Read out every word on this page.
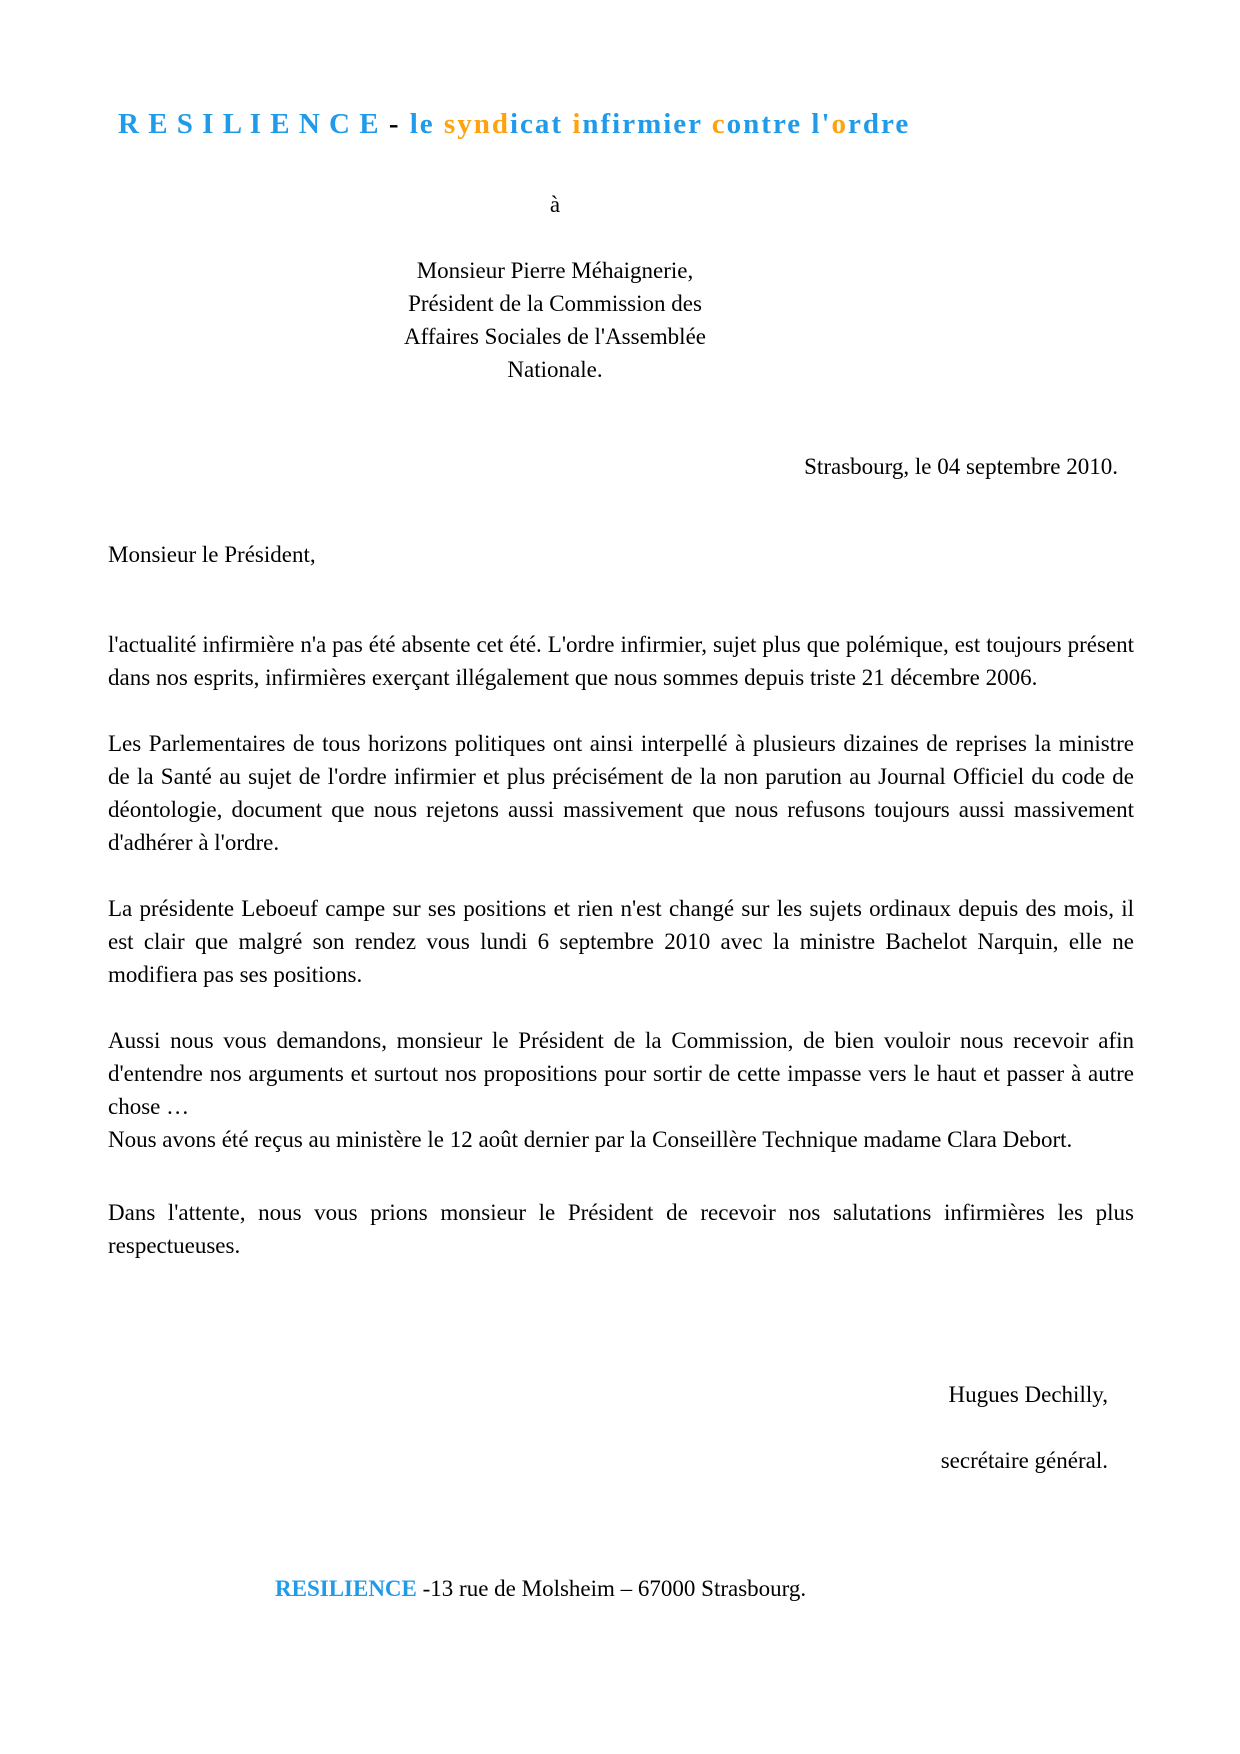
R E S I L I E N C E - le syndicat infirmier contre l'ordre
à
Monsieur Pierre Méhaignerie,
Président de la Commission des
Affaires Sociales de l'Assemblée
Nationale.
Strasbourg, le 04 septembre 2010.
Monsieur le Président,

l'actualité infirmière n'a pas été absente cet été. L'ordre infirmier, sujet plus que polémique, est toujours présent dans nos esprits, infirmières exerçant illégalement que nous sommes depuis triste 21 décembre 2006.

Les Parlementaires de tous horizons politiques ont ainsi interpellé à plusieurs dizaines de reprises la ministre de la Santé au sujet de l'ordre infirmier et plus précisément de la non parution au Journal Officiel du code de déontologie, document que nous rejetons aussi massivement que nous refusons toujours aussi massivement d'adhérer à l'ordre.

La présidente Leboeuf campe sur ses positions et rien n'est changé sur les sujets ordinaux depuis des mois, il est clair que malgré son rendez vous lundi 6 septembre 2010 avec la ministre Bachelot Narquin, elle ne modifiera pas ses positions.

Aussi nous vous demandons, monsieur le Président de la Commission, de bien vouloir nous recevoir afin d'entendre nos arguments et surtout nos propositions pour sortir de cette impasse vers le haut et passer à autre chose …

Nous avons été reçus au ministère le 12 août dernier par la Conseillère Technique madame Clara Debort.

Dans l'attente, nous vous prions monsieur le Président de recevoir nos salutations infirmières les plus respectueuses.

Hugues Dechilly,
secrétaire général.
RESILIENCE -13 rue de Molsheim – 67000 Strasbourg.
